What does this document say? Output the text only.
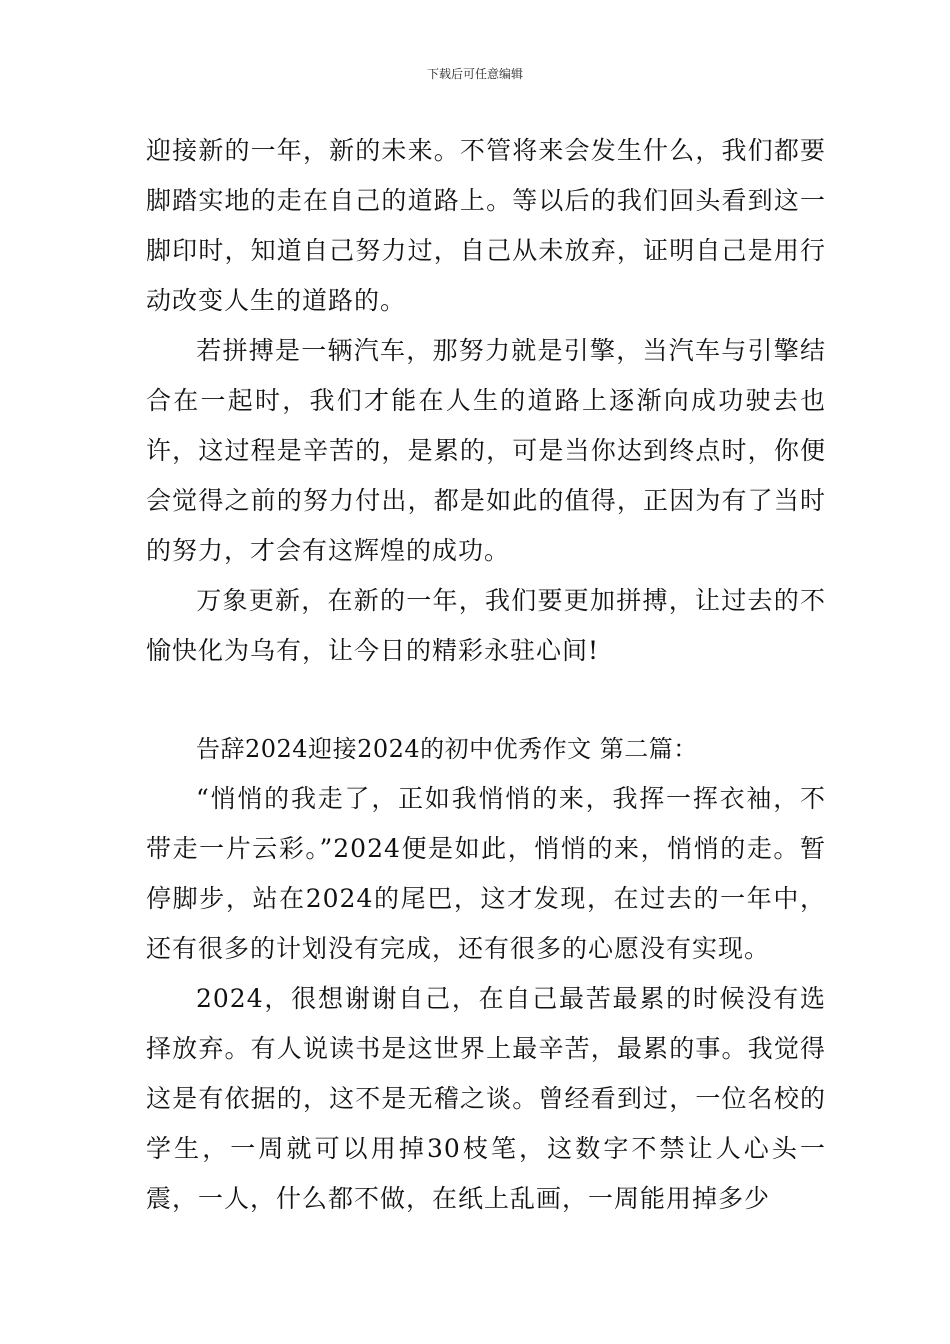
下载后可任意编辑

迎接新的一年，新的未来。不管将来会发生什么，我们都要脚踏实地的走在自己的道路上。等以后的我们回头看到这一脚印时，知道自己努力过，自己从未放弃，证明自己是用行动改变人生的道路的。

若拼搏是一辆汽车，那努力就是引擎，当汽车与引擎结合在一起时，我们才能在人生的道路上逐渐向成功驶去也许，这过程是辛苦的，是累的，可是当你达到终点时，你便会觉得之前的努力付出，都是如此的值得，正因为有了当时的努力，才会有这辉煌的成功。

万象更新，在新的一年，我们要更加拼搏，让过去的不愉快化为乌有，让今日的精彩永驻心间!

告辞2024迎接2024的初中优秀作文 第二篇：

“悄悄的我走了，正如我悄悄的来，我挥一挥衣袖，不带走一片云彩。”2024便是如此，悄悄的来，悄悄的走。暂停脚步，站在2024的尾巴，这才发现，在过去的一年中，还有很多的计划没有完成，还有很多的心愿没有实现。

2024，很想谢谢自己，在自己最苦最累的时候没有选择放弃。有人说读书是这世界上最辛苦，最累的事。我觉得这是有依据的，这不是无稽之谈。曾经看到过，一位名校的学生，一周就可以用掉30枝笔，这数字不禁让人心头一震，一人，什么都不做，在纸上乱画，一周能用掉多少
